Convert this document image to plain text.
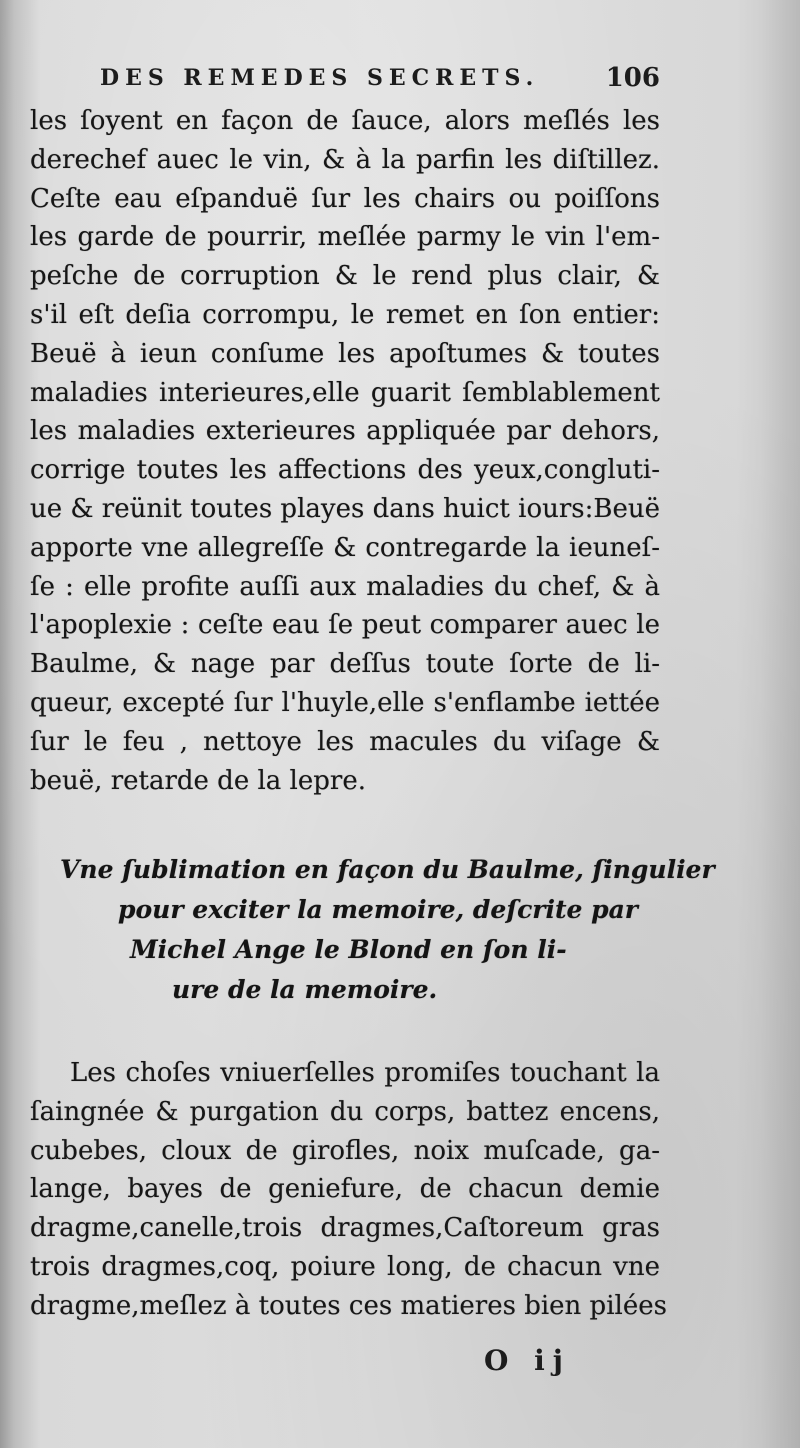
DES REMEDES SECRETS.	106
les ſoyent en façon de ſauce, alors meſlés les
derechef auec le vin, & à la parfin les diſtillez.
Ceſte eau eſpanduë ſur les chairs ou poiſſons
les garde de pourrir, meſlée parmy le vin l'em-
peſche de corruption & le rend plus clair, &
s'il eſt deſia corrompu, le remet en ſon entier:
Beuë à ieun conſume les apoſtumes & toutes
maladies interieures,elle guarit ſemblablement
les maladies exterieures appliquée par dehors,
corrige toutes les affections des yeux,congluti-
ue & reünit toutes playes dans huict iours:Beuë
apporte vne allegreſſe & contregarde la ieuneſ-
ſe : elle profite auſſi aux maladies du chef, & à
l'apoplexie : ceſte eau ſe peut comparer auec le
Baulme, & nage par deſſus toute ſorte de li-
queur, excepté ſur l'huyle,elle s'enflambe iettée
ſur le feu , nettoye les macules du viſage &
beuë, retarde de la lepre.
Vne ſublimation en façon du Baulme, ſingulier
pour exciter la memoire, deſcrite par
Michel Ange le Blond en ſon li-
ure de la memoire.
Les choſes vniuerſelles promiſes touchant la
ſaingnée & purgation du corps, battez encens,
cubebes, cloux de girofles, noix muſcade, ga-
lange, bayes de geniefure, de chacun demie
dragme,canelle,trois dragmes,Caſtoreum gras
trois dragmes,coq, poiure long, de chacun vne
dragme,meſlez à toutes ces matieres bien pilées
O ij
